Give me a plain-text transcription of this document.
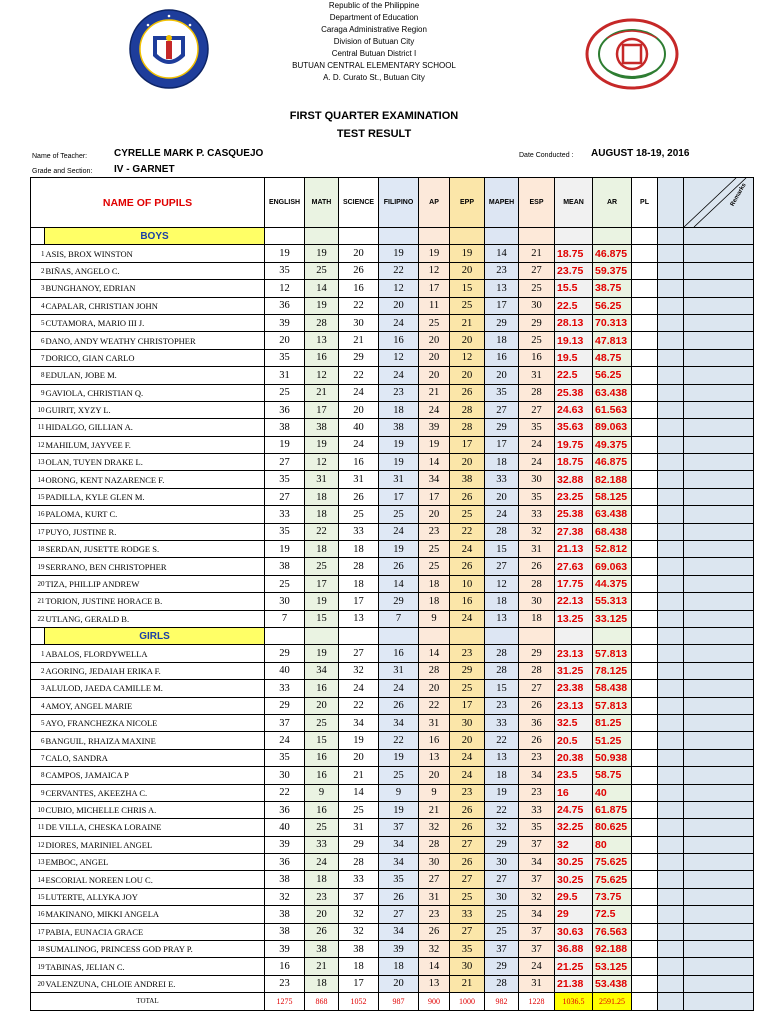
Republic of the Philippine
Department of Education
Caraga Administrative Region
Division of Butuan City
Central Butuan District I
BUTUAN CENTRAL ELEMENTARY SCHOOL
A. D. Curato St., Butuan City
FIRST QUARTER EXAMINATION
TEST RESULT
Name of Teacher:	CYRELLE MARK P. CASQUEJO
Grade and Section: IV - GARNET
Date Conducted : AUGUST 18-19, 2016
NAME OF PUPILS		ENGLISH	MATH	SCIENCE	FILIPINO	AP	EPP	MAPEH	ESP	MEAN	AR	PL		Remarks

	BOYS													
1	ASIS, BROX WINSTON	19	19	20	19	19	19	14	21	18.75	46.875			
2	BIÑAS, ANGELO C.	35	25	26	22	12	20	23	27	23.75	59.375			
3	BUNGHANOY, EDRIAN	12	14	16	12	17	15	13	25	15.5	38.75			
4	CAPALAR, CHRISTIAN JOHN	36	19	22	20	11	25	17	30	22.5	56.25			
5	CUTAMORA, MARIO III J.	39	28	30	24	25	21	29	29	28.13	70.313			
6	DANO, ANDY WEATHY CHRISTOPHER	20	13	21	16	20	20	18	25	19.13	47.813			
7	DORICO, GIAN CARLO	35	16	29	12	20	12	16	16	19.5	48.75			
8	EDULAN, JOBE M.	31	12	22	24	20	20	20	31	22.5	56.25			
9	GAVIOLA, CHRISTIAN Q.	25	21	24	23	21	26	35	28	25.38	63.438			
10	GUIRIT, XYZY L.	36	17	20	18	24	28	27	27	24.63	61.563			
11	HIDALGO, GILLIAN A.	38	38	40	38	39	28	29	35	35.63	89.063			
12	MAHILUM, JAYVEE F.	19	19	24	19	19	17	17	24	19.75	49.375			
13	OLAN, TUYEN DRAKE L.	27	12	16	19	14	20	18	24	18.75	46.875			
14	ORONG, KENT NAZARENCE F.	35	31	31	31	34	38	33	30	32.88	82.188			
15	PADILLA, KYLE GLEN M.	27	18	26	17	17	26	20	35	23.25	58.125			
16	PALOMA, KURT C.	33	18	25	25	20	25	24	33	25.38	63.438			
17	PUYO, JUSTINE R.	35	22	33	24	23	22	28	32	27.38	68.438			
18	SERDAN, JUSETTE RODGE S.	19	18	18	19	25	24	15	31	21.13	52.812			
19	SERRANO, BEN CHRISTOPHER	38	25	28	26	25	26	27	26	27.63	69.063			
20	TIZA, PHILLIP ANDREW	25	17	18	14	18	10	12	28	17.75	44.375			
21	TORION, JUSTINE HORACE B.	30	19	17	29	18	16	18	30	22.13	55.313			
22	UTLANG, GERALD B.	7	15	13	7	9	24	13	18	13.25	33.125			
	GIRLS													
1	ABALOS, FLORDYWELLA	29	19	27	16	14	23	28	29	23.13	57.813			
2	AGORING, JEDAIAH ERIKA F.	40	34	32	31	28	29	28	28	31.25	78.125			
3	ALULOD, JAEDA CAMILLE M.	33	16	24	24	20	25	15	27	23.38	58.438			
4	AMOY, ANGEL MARIE	29	20	22	26	22	17	23	26	23.13	57.813			
5	AYO, FRANCHEZKA NICOLE	37	25	34	34	31	30	33	36	32.5	81.25			
6	BANGUIL, RHAIZA MAXINE	24	15	19	22	16	20	22	26	20.5	51.25			
7	CALO, SANDRA	35	16	20	19	13	24	13	23	20.38	50.938			
8	CAMPOS, JAMAICA P	30	16	21	25	20	24	18	34	23.5	58.75			
9	CERVANTES, AKEEZHA C.	22	9	14	9	9	23	19	23	16	40			
10	CUBIO, MICHELLE CHRIS A.	36	16	25	19	21	26	22	33	24.75	61.875			
11	DE VILLA, CHESKA LORAINE	40	25	31	37	32	26	32	35	32.25	80.625			
12	DIORES, MARINIEL ANGEL	39	33	29	34	28	27	29	37	32	80			
13	EMBOC, ANGEL	36	24	28	34	30	26	30	34	30.25	75.625			
14	ESCORIAL NOREEN LOU C.	38	18	33	35	27	27	27	37	30.25	75.625			
15	LUTERTE, ALLYKA JOY	32	23	37	26	31	25	30	32	29.5	73.75			
16	MAKINANO, MIKKI ANGELA	38	20	32	27	23	33	25	34	29	72.5			
17	PABIA, EUNACIA GRACE	38	26	32	34	26	27	25	37	30.63	76.563			
18	SUMALINOG, PRINCESS GOD PRAY P.	39	38	38	39	32	35	37	37	36.88	92.188			
19	TABINAS, JELIAN C.	16	21	18	18	14	30	29	24	21.25	53.125			
20	VALENZUNA, CHLOIE ANDREI E.	23	18	17	20	13	21	28	31	21.38	53.438			
TOTAL		1275	868	1052	987	900	1000	982	1228	1036.5	2591.25			
